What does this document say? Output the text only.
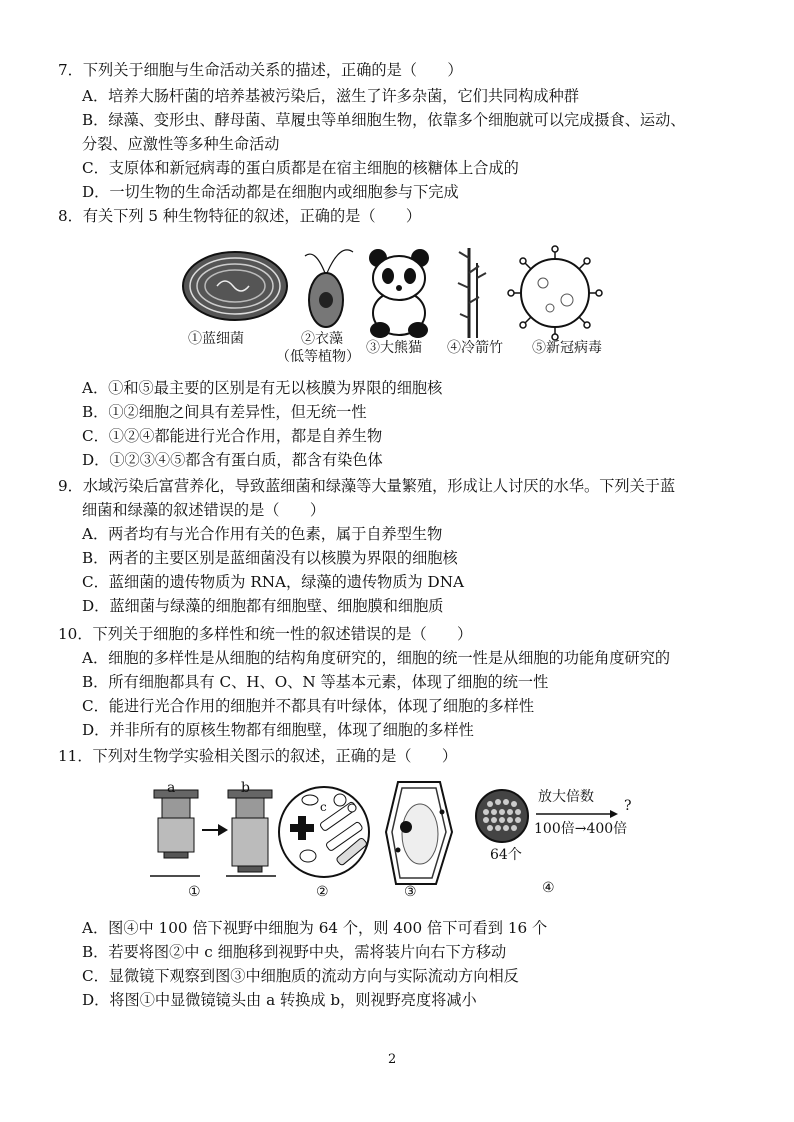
7．下列关于细胞与生命活动关系的描述，正确的是（　　）
A．培养大肠杆菌的培养基被污染后，滋生了许多杂菌，它们共同构成种群
B．绿藻、变形虫、酵母菌、草履虫等单细胞生物，依靠多个细胞就可以完成摄食、运动、
分裂、应激性等多种生命活动
C．支原体和新冠病毒的蛋白质都是在宿主细胞的核糖体上合成的
D．一切生物的生命活动都是在细胞内或细胞参与下完成
8．有关下列 5 种生物特征的叙述，正确的是（　　）
①蓝细菌	②衣藻
（低等植物）
③大熊猫 ④冷箭竹 ⑤新冠病毒
A．①和⑤最主要的区别是有无以核膜为界限的细胞核
B．①②细胞之间具有差异性，但无统一性
C．①②④都能进行光合作用，都是自养生物
D．①②③④⑤都含有蛋白质，都含有染色体
9．水域污染后富营养化，导致蓝细菌和绿藻等大量繁殖，形成让人讨厌的水华。下列关于蓝
细菌和绿藻的叙述错误的是（　　）
A．两者均有与光合作用有关的色素，属于自养型生物
B．两者的主要区别是蓝细菌没有以核膜为界限的细胞核
C．蓝细菌的遗传物质为 RNA，绿藻的遗传物质为 DNA
D．蓝细菌与绿藻的细胞都有细胞壁、细胞膜和细胞质
10．下列关于细胞的多样性和统一性的叙述错误的是（　　）
A．细胞的多样性是从细胞的结构角度研究的，细胞的统一性是从细胞的功能角度研究的
B．所有细胞都具有 C、H、O、N 等基本元素，体现了细胞的统一性
C．能进行光合作用的细胞并不都具有叶绿体，体现了细胞的多样性
D．并非所有的原核生物都有细胞壁，体现了细胞的多样性
11．下列对生物学实验相关图示的叙述，正确的是（　　）
a	b
c
放大倍数
?
100倍→400倍
64个
①	②	③	④
A．图④中 100 倍下视野中细胞为 64 个，则 400 倍下可看到 16 个
B．若要将图②中 c 细胞移到视野中央，需将装片向右下方移动
C．显微镜下观察到图③中细胞质的流动方向与实际流动方向相反
D．将图①中显微镜镜头由 a 转换成 b，则视野亮度将减小
2
